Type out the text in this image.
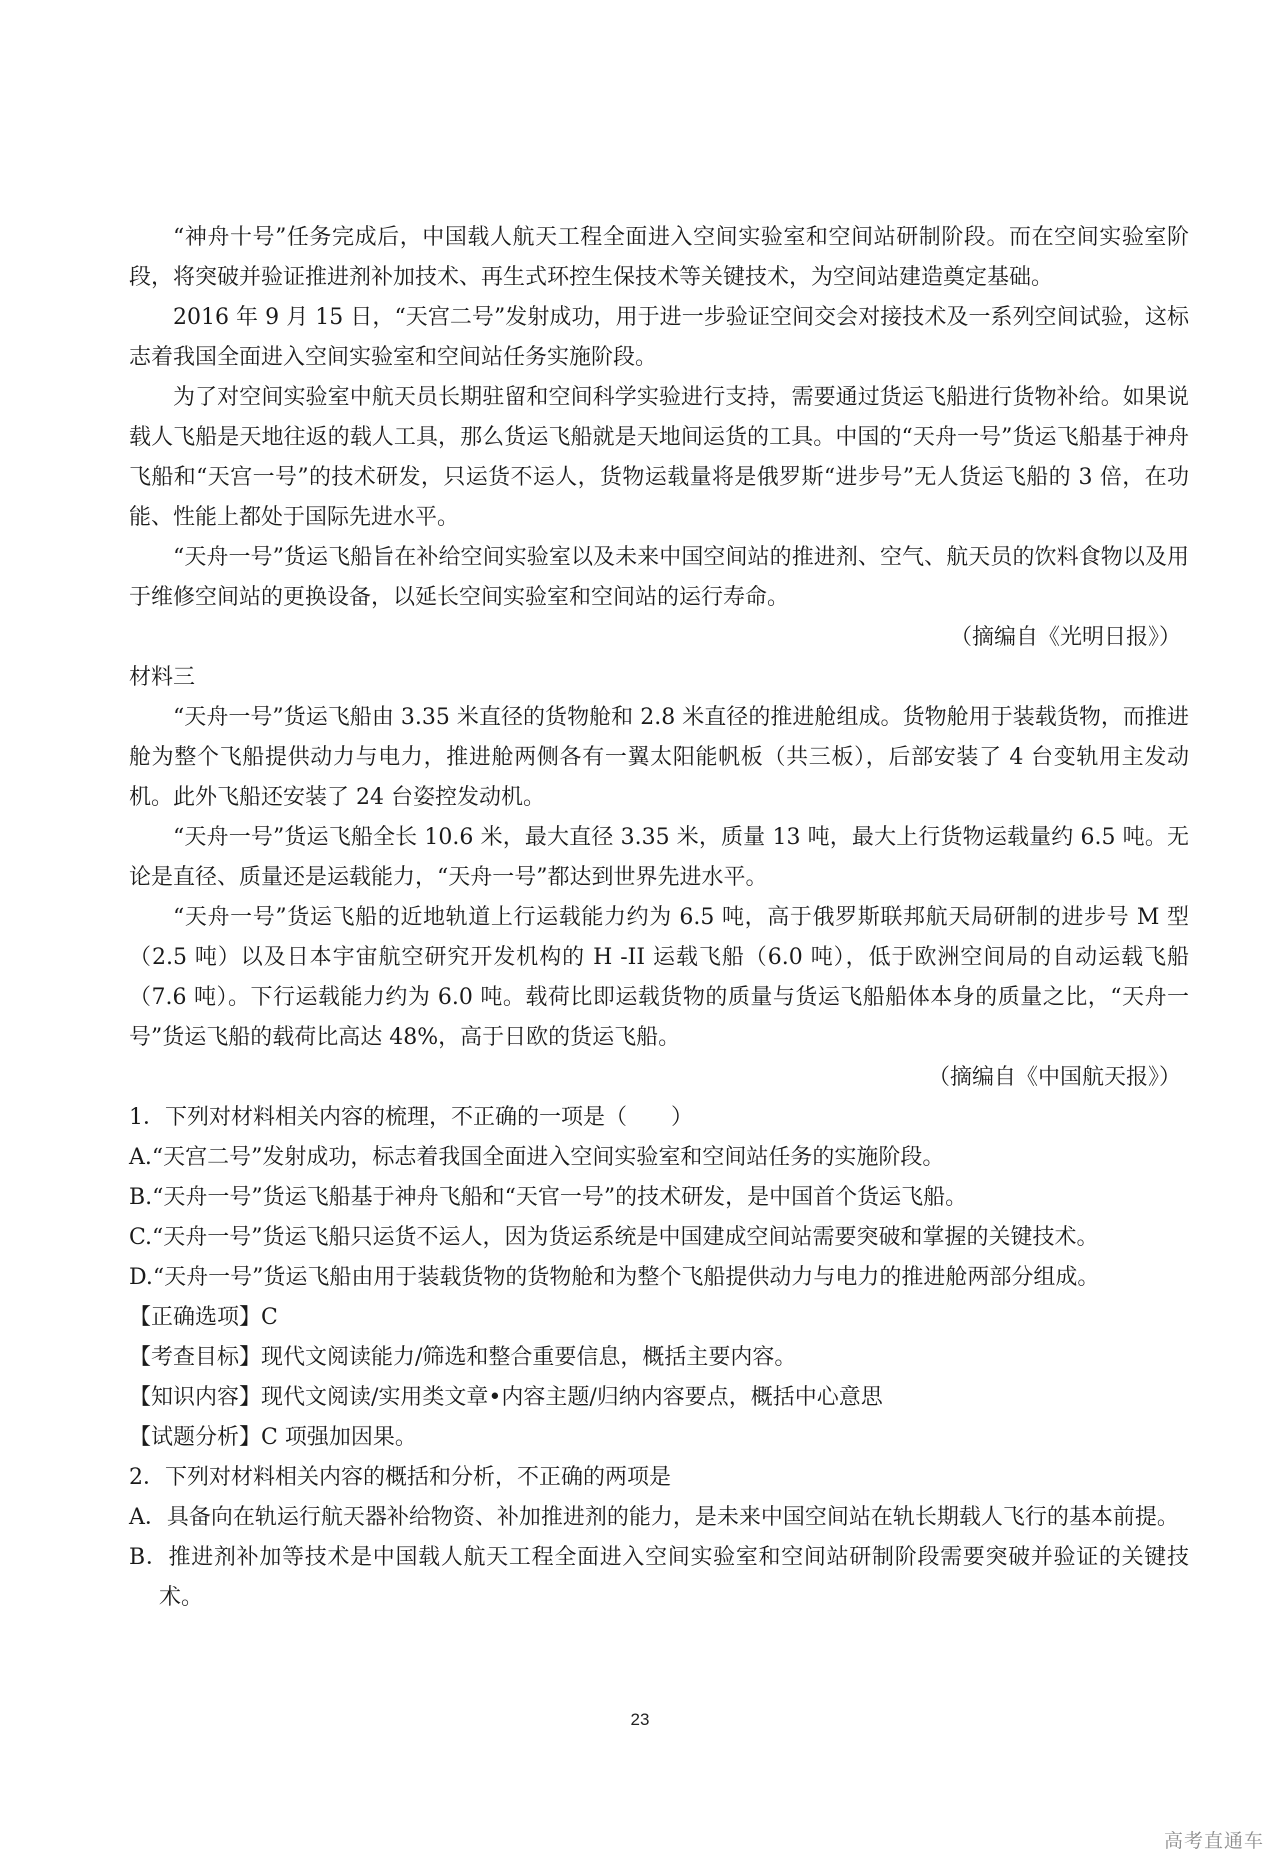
“神舟十号”任务完成后，中国载人航天工程全面进入空间实验室和空间站研制阶段。而在空间实验室阶段，将突破并验证推进剂补加技术、再生式环控生保技术等关键技术，为空间站建造奠定基础。

2016 年 9 月 15 日，“天宫二号”发射成功，用于进一步验证空间交会对接技术及一系列空间试验，这标志着我国全面进入空间实验室和空间站任务实施阶段。

为了对空间实验室中航天员长期驻留和空间科学实验进行支持，需要通过货运飞船进行货物补给。如果说载人飞船是天地往返的载人工具，那么货运飞船就是天地间运货的工具。中国的“天舟一号”货运飞船基于神舟飞船和“天宫一号”的技术研发，只运货不运人，货物运载量将是俄罗斯“进步号”无人货运飞船的 3 倍，在功能、性能上都处于国际先进水平。

“天舟一号”货运飞船旨在补给空间实验室以及未来中国空间站的推进剂、空气、航天员的饮料食物以及用于维修空间站的更换设备，以延长空间实验室和空间站的运行寿命。

（摘编自《光明日报》）

材料三

“天舟一号”货运飞船由 3.35 米直径的货物舱和 2.8 米直径的推进舱组成。货物舱用于装载货物，而推进舱为整个飞船提供动力与电力，推进舱两侧各有一翼太阳能帆板（共三板），后部安装了 4 台变轨用主发动机。此外飞船还安装了 24 台姿控发动机。

“天舟一号”货运飞船全长 10.6 米，最大直径 3.35 米，质量 13 吨，最大上行货物运载量约 6.5 吨。无论是直径、质量还是运载能力，“天舟一号”都达到世界先进水平。

“天舟一号”货运飞船的近地轨道上行运载能力约为 6.5 吨，高于俄罗斯联邦航天局研制的进步号 M 型（2.5 吨）以及日本宇宙航空研究开发机构的 H -II 运载飞船（6.0 吨），低于欧洲空间局的自动运载飞船（7.6 吨）。下行运载能力约为 6.0 吨。载荷比即运载货物的质量与货运飞船船体本身的质量之比，“天舟一号”货运飞船的载荷比高达 48%，高于日欧的货运飞船。

（摘编自《中国航天报》）

1．下列对材料相关内容的梳理，不正确的一项是（　　）

A.“天宫二号”发射成功，标志着我国全面进入空间实验室和空间站任务的实施阶段。

B.“天舟一号”货运飞船基于神舟飞船和“天官一号”的技术研发，是中国首个货运飞船。

C.“天舟一号”货运飞船只运货不运人，因为货运系统是中国建成空间站需要突破和掌握的关键技术。

D.“天舟一号”货运飞船由用于装载货物的货物舱和为整个飞船提供动力与电力的推进舱两部分组成。

【正确选项】C

【考查目标】现代文阅读能力/筛选和整合重要信息，概括主要内容。

【知识内容】现代文阅读/实用类文章•内容主题/归纳内容要点，概括中心意思

【试题分析】C 项强加因果。

2．下列对材料相关内容的概括和分析，不正确的两项是

A．具备向在轨运行航天器补给物资、补加推进剂的能力，是未来中国空间站在轨长期载人飞行的基本前提。

B．推进剂补加等技术是中国载人航天工程全面进入空间实验室和空间站研制阶段需要突破并验证的关键技术。

23
高考直通车
